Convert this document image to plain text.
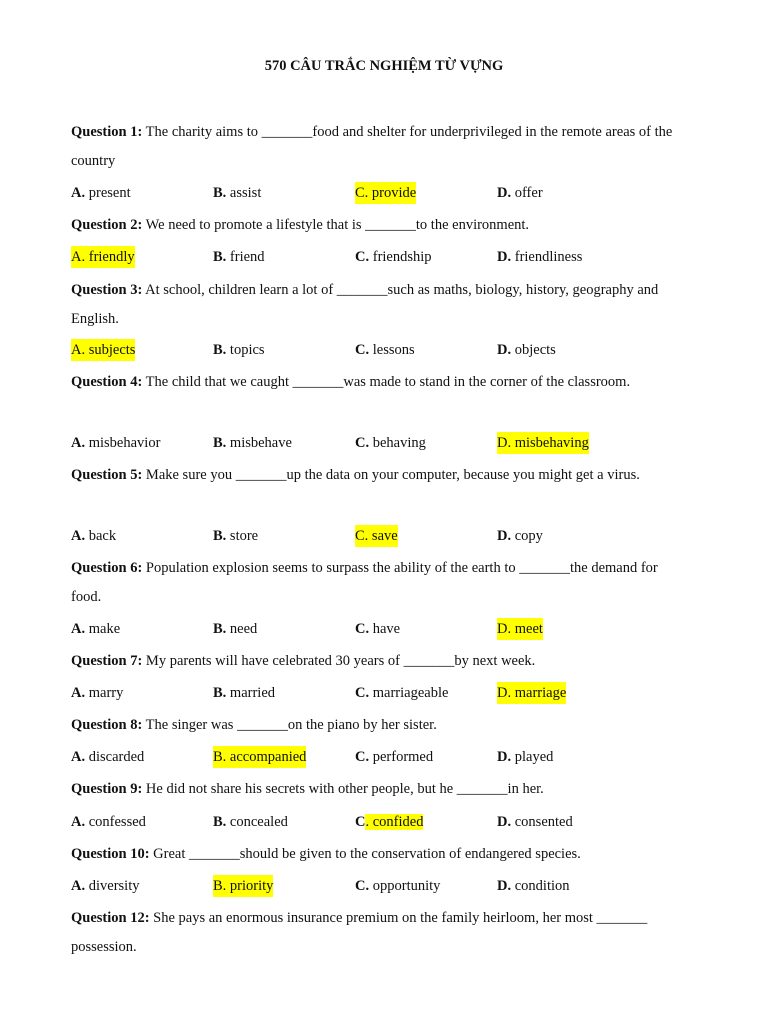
570 CÂU TRẮC NGHIỆM TỪ VỰNG
Question 1: The charity aims to _______food and shelter for underprivileged in the remote areas of the country
A. present	B. assist	C. provide	D. offer
Question 2: We need to promote a lifestyle that is _______to the environment.
A. friendly	B. friend	C. friendship	D. friendliness
Question 3: At school, children learn a lot of _______such as maths, biology, history, geography and English.
A. subjects	B. topics	C. lessons	D. objects
Question 4: The child that we caught _______was made to stand in the corner of the classroom.
A. misbehavior	B. misbehave	C. behaving	D. misbehaving
Question 5: Make sure you _______up the data on your computer, because you might get a virus.
A. back	B. store	C. save	D. copy
Question 6: Population explosion seems to surpass the ability of the earth to _______the demand for food.
A. make	B. need	C. have	D. meet
Question 7: My parents will have celebrated 30 years of _______by next week.
A. marry	B. married	C. marriageable	D. marriage
Question 8: The singer was _______on the piano by her sister.
A. discarded	B. accompanied	C. performed	D. played
Question 9: He did not share his secrets with other people, but he _______in her.
A. confessed	B. concealed	C. confided	D. consented
Question 10: Great _______should be given to the conservation of endangered species.
A. diversity	B. priority	C. opportunity	D. condition
Question 12: She pays an enormous insurance premium on the family heirloom, her most _______ possession.
